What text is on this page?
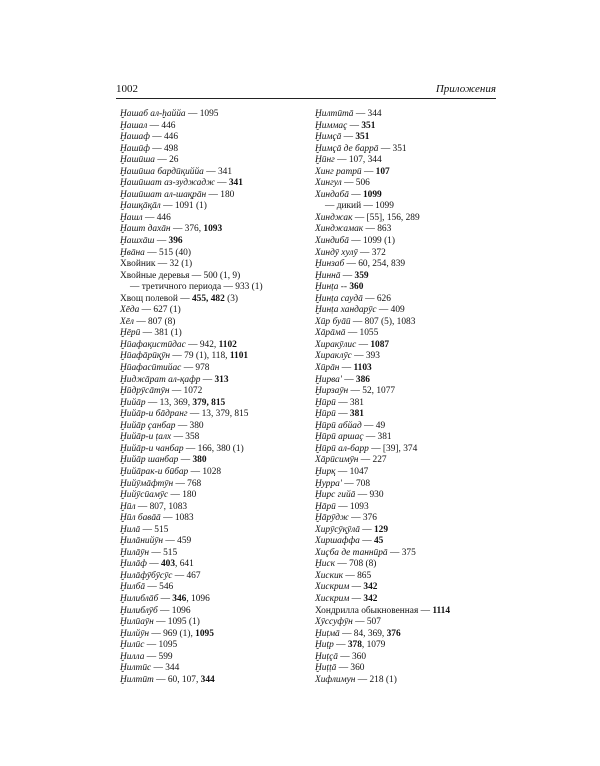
1002	Приложения
Ḫашаб ал-ḫаййа — 1095
Ḫашал — 446
Ḫашаф — 446
Ḫашӣф — 498
Ḫашӣша — 26
Ḫашӣша бардӣқиййа — 341
Ḫашӣшат аз-зуджадж — 341
Ḫашӣшат ал-шақрāн — 180
Ḫашқāқāл — 1091 (1)
Ḫашл — 446
Ḫашт дахāн — 376, 1093
Ḫашхāш — 396
Ḫвāна — 515 (40)
Хвойник — 32 (1)
Хвойные деревья — 500 (1, 9)
— третичного периода — 933 (1)
Хвощ полевой — 455, 482 (3)
Хēда — 627 (1)
Хēл — 807 (8)
Ḫēрӣ — 381 (1)
Ḫӣафақистӣдас — 942, 1102
Ḫӣафāрӣқӯн — 79 (1), 118, 1101
Ḫӣафасӣтийас — 978
Ḫиджāрат ал-қафр — 313
Ḫӣдрӯсāтӯн — 1072
Ḫийāр — 13, 369, 379, 815
Ḫийāр-и бāдранг — 13, 379, 815
Ḫийāр ҫанбар — 380
Ḫийāр-и ṭалх — 358
Ḫийāр-и чанбар — 166, 380 (1)
Ḫийāр шанбар — 380
Ḫийāрак-и бӣбар — 1028
Ḫийӯмāфтӯн — 768
Ḫийӯсӣамӯс — 180
Ḫӣл — 807, 1083
Ḫӣл бавāā — 1083
Ḫилā — 515
Ḫилāнийӯн — 459
Ḫилāӯн — 515
Ḫилāф — 403, 641
Ḫилāфӯбӯсӯс — 467
Ḫилбā — 546
Ḫилиблāб — 346, 1096
Ḫилиблӯб — 1096
Ḫилӣаӯн — 1095 (1)
Ḫилйӯн — 969 (1), 1095
Ḫилӣс — 1095
Ḫилла — 599
Ḫилтӣс — 344
Ḫилтӣт — 60, 107, 344
Ḫилтӣтā — 344
Ḫиммаç — 351
Ḫимçā — 351
Ḫимçā де баррā — 351
Ḫӣнг — 107, 344
Хинг ратрӣ — 107
Хингул — 506
Хиндабā — 1099
— дикий — 1099
Хинджак — [55], 156, 289
Хинджамак — 863
Хиндибā — 1099 (1)
Хиндӯ хулӯ — 372
Ḫинзаб — 60, 254, 839
Ḫиннā — 359
Ḫинṭа -- 360
Ḫинṭа саудā — 626
Ḫинṭа хандарӯс — 409
Хӣр буāӣ — 807 (5), 1083
Хāрāмā — 1055
Хиракӯлис — 1087
Хираклӯс — 393
Хӣрāн — 1103
Ḫирва' — 386
Ḫирзаӯн — 52, 1077
Ḫӣрӣ — 381
Ḫӣрӣ — 381
Ḫӣрӣ абйад — 49
Ḫӣрӣ аршаҫ — 381
Ḫӣрӣ ал-барр — [39], 374
Хāрӣсимӯн — 227
Ḫирқ — 1047
Ḫурра' — 708
Ḫирс гийā — 930
Ḫāрӣ — 1093
Ḫāрӯдж — 376
Хирӯсӯқӯлā — 129
Хиршаффа — 45
Хиçба де таннӣрā — 375
Ḫиск — 708 (8)
Хискик — 865
Хискрим — 342
Хискрим — 342
Хондрилла обыкновенная — 1114
Хӯссуфӯн — 507
Ḫиṭмā — 84, 369, 376
Ḫиṭр — 378, 1079
Ḫиṭçā — 360
Ḫиṭṭā — 360
Хифлимун — 218 (1)
